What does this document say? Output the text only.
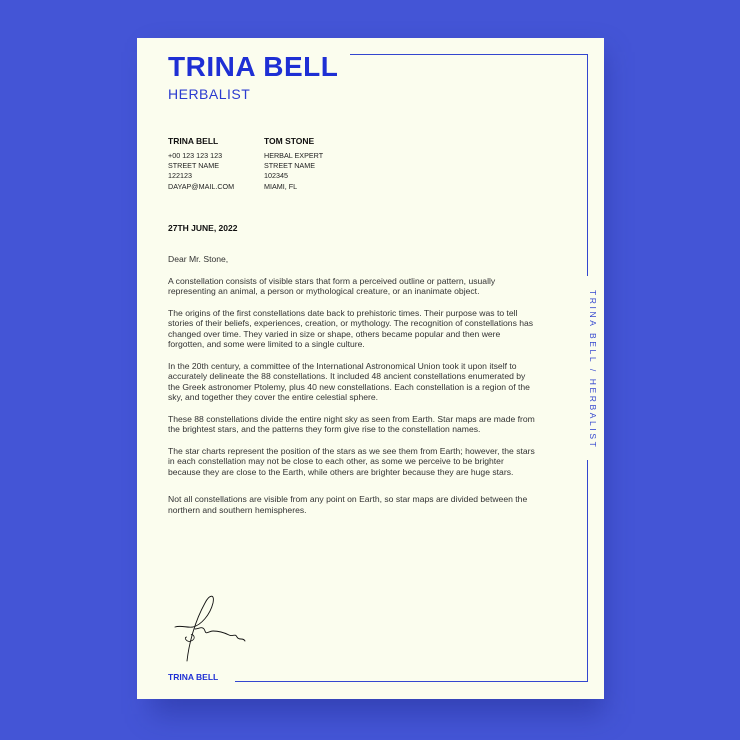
TRINA BELL / HERBALIST
TRINA BELL
HERBALIST
TRINA BELL
+00 123 123 123
STREET NAME
122123
DAYAP@MAIL.COM
TOM STONE
HERBAL EXPERT
STREET NAME
102345
MIAMI, FL
27TH JUNE, 2022

Dear Mr. Stone,

A constellation consists of visible stars that form a perceived outline or pattern, usually representing an animal, a person or mythological creature, or an inanimate object.

The origins of the first constellations date back to prehistoric times. Their purpose was to tell stories of their beliefs, experiences, creation, or mythology. The recognition of constellations has changed over time. They varied in size or shape, others became popular and then were forgotten, and some were limited to a single culture.

In the 20th century, a committee of the International Astronomical Union took it upon itself to accurately delineate the 88 constellations. It included 48 ancient constellations enumerated by the Greek astronomer Ptolemy, plus 40 new constellations. Each constellation is a region of the sky, and together they cover the entire celestial sphere.

These 88 constellations divide the entire night sky as seen from Earth. Star maps are made from the brightest stars, and the patterns they form give rise to the constellation names.

The star charts represent the position of the stars as we see them from Earth; however, the stars in each constellation may not be close to each other, as some we perceive to be brighter because they are close to the Earth, while others are brighter because they are huge stars.

Not all constellations are visible from any point on Earth, so star maps are divided between the northern and southern hemispheres.

TRINA BELL
